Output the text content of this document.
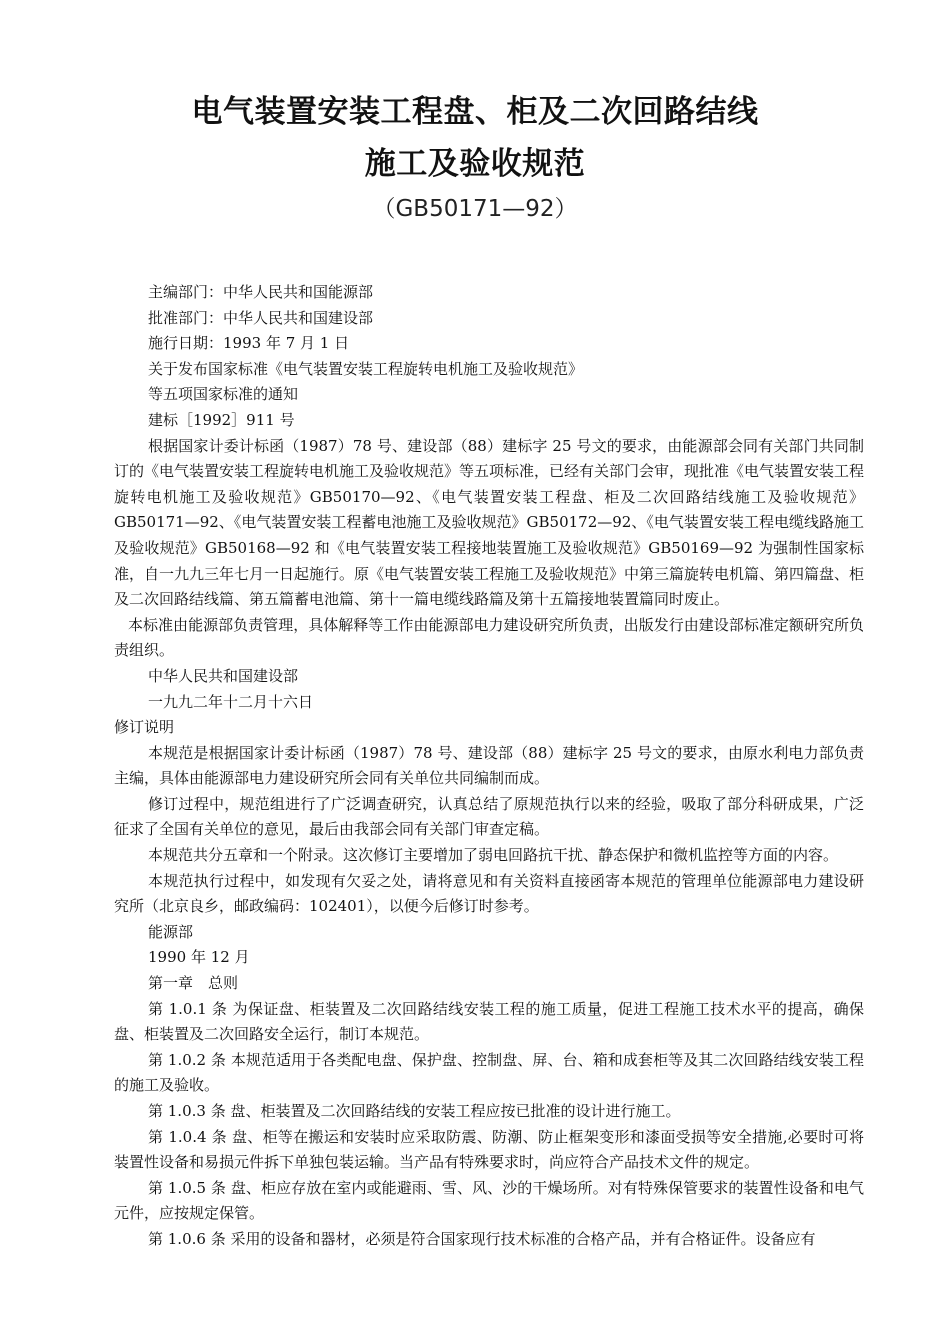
电气装置安装工程盘、柜及二次回路结线
施工及验收规范
（GB50171—92）

主编部门：中华人民共和国能源部

批准部门：中华人民共和国建设部

施行日期：1993 年 7 月 1 日

关于发布国家标准《电气装置安装工程旋转电机施工及验收规范》

等五项国家标准的通知

建标［1992］911 号

根据国家计委计标函（1987）78 号、建设部（88）建标字 25 号文的要求，由能源部会同有关部门共同制订的《电气装置安装工程旋转电机施工及验收规范》等五项标准，已经有关部门会审，现批准《电气装置安装工程旋转电机施工及验收规范》GB50170—92、《电气装置安装工程盘、柜及二次回路结线施工及验收规范》GB50171—92、《电气装置安装工程蓄电池施工及验收规范》GB50172—92、《电气装置安装工程电缆线路施工及验收规范》GB50168—92 和《电气装置安装工程接地装置施工及验收规范》GB50169—92 为强制性国家标准，自一九九三年七月一日起施行。原《电气装置安装工程施工及验收规范》中第三篇旋转电机篇、第四篇盘、柜及二次回路结线篇、第五篇蓄电池篇、第十一篇电缆线路篇及第十五篇接地装置篇同时废止。

本标准由能源部负责管理，具体解释等工作由能源部电力建设研究所负责，出版发行由建设部标准定额研究所负责组织。

中华人民共和国建设部

一九九二年十二月十六日

修订说明

本规范是根据国家计委计标函（1987）78 号、建设部（88）建标字 25 号文的要求，由原水利电力部负责主编，具体由能源部电力建设研究所会同有关单位共同编制而成。

修订过程中，规范组进行了广泛调查研究，认真总结了原规范执行以来的经验，吸取了部分科研成果，广泛征求了全国有关单位的意见，最后由我部会同有关部门审查定稿。

本规范共分五章和一个附录。这次修订主要增加了弱电回路抗干扰、静态保护和微机监控等方面的内容。

本规范执行过程中，如发现有欠妥之处，请将意见和有关资料直接函寄本规范的管理单位能源部电力建设研究所（北京良乡，邮政编码：102401），以便今后修订时参考。

能源部

1990 年 12 月

第一章　总则

第 1.0.1 条 为保证盘、柜装置及二次回路结线安装工程的施工质量，促进工程施工技术水平的提高，确保盘、柜装置及二次回路安全运行，制订本规范。

第 1.0.2 条 本规范适用于各类配电盘、保护盘、控制盘、屏、台、箱和成套柜等及其二次回路结线安装工程的施工及验收。

第 1.0.3 条 盘、柜装置及二次回路结线的安装工程应按已批准的设计进行施工。

第 1.0.4 条 盘、柜等在搬运和安装时应采取防震、防潮、防止框架变形和漆面受损等安全措施,必要时可将装置性设备和易损元件拆下单独包装运输。当产品有特殊要求时，尚应符合产品技术文件的规定。

第 1.0.5 条 盘、柜应存放在室内或能避雨、雪、风、沙的干燥场所。对有特殊保管要求的装置性设备和电气元件，应按规定保管。

第 1.0.6 条 采用的设备和器材，必须是符合国家现行技术标准的合格产品，并有合格证件。设备应有
